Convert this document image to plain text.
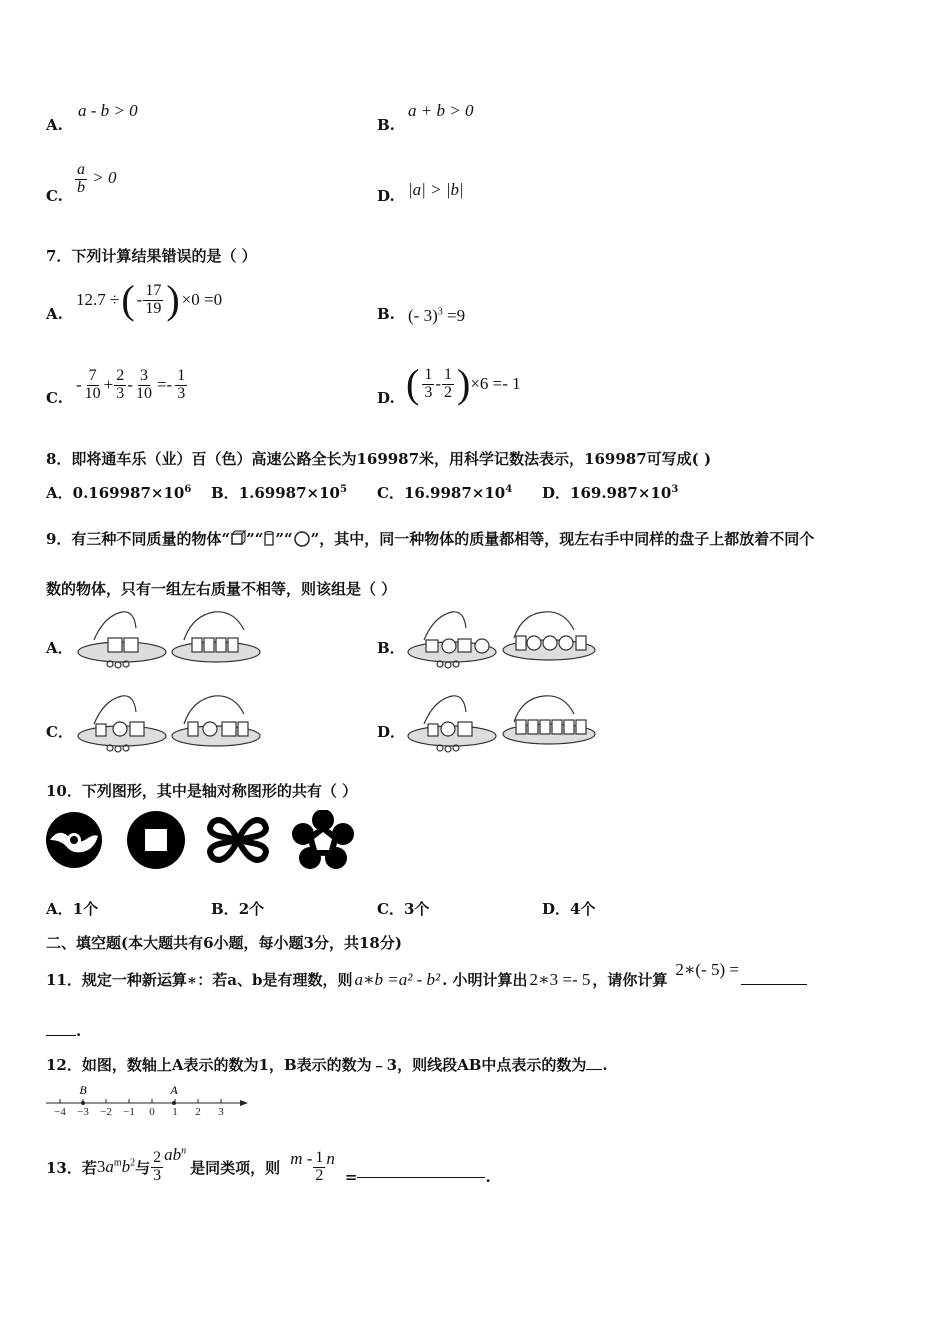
A.
a - b > 0
B.
a + b > 0
C. $\frac{a}{b} > 0$
D. |a| > |b|
7．下列计算结果错误的是（ ）
A.
12.7 ÷ ( - $\frac{17}{19}$ ) ×0 =0
B. (- 3)$^3$ =9
C.
- $\frac{7}{10} + \frac{2}{3} - \frac{3}{10} =- \frac{1}{3}$	D. ( $\frac{1}{3} - \frac{1}{2}$ ) ×6 =- 1
8．即将通车乐（业）百（色）高速公路全长为169987米，用科学记数法表示，169987可写成( )
A．$0.169987\times 10^6$ B．$1.69987\times 10^5$ C．$16.9987\times 10^4$ D．$169.987\times 10^3$
9．有三种不同质量的物体“ ”“ ”“ ”，其中，同一种物体的质量都相等，现左右手中同样的盘子上都放着不同个
数的物体，只有一组左右质量不相等，则该组是（ ）
A．	B．
C．	D．
10．下列图形，其中是轴对称图形的共有（ ）
A．1个	B．2个	C．3个	D．4个
二、填空题(本大题共有6小题，每小题3分，共18分)
11．规定一种新运算∗：若a、b是有理数，则 a∗b =a² - b² . 小明计算出 2∗3 =- 5 ，请你计算
2∗(- 5) =
.
12．如图，数轴上A表示的数为1，B表示的数为﹣3，则线段AB中点表示的数为 .
−4 −3 −2 −1 0 1 2 3
B	A
13．若 $3a^mb^2$ 与 $\frac{2}{3} ab^n$
是同类项，则 m - $\frac{1}{2}$ n
=	.
